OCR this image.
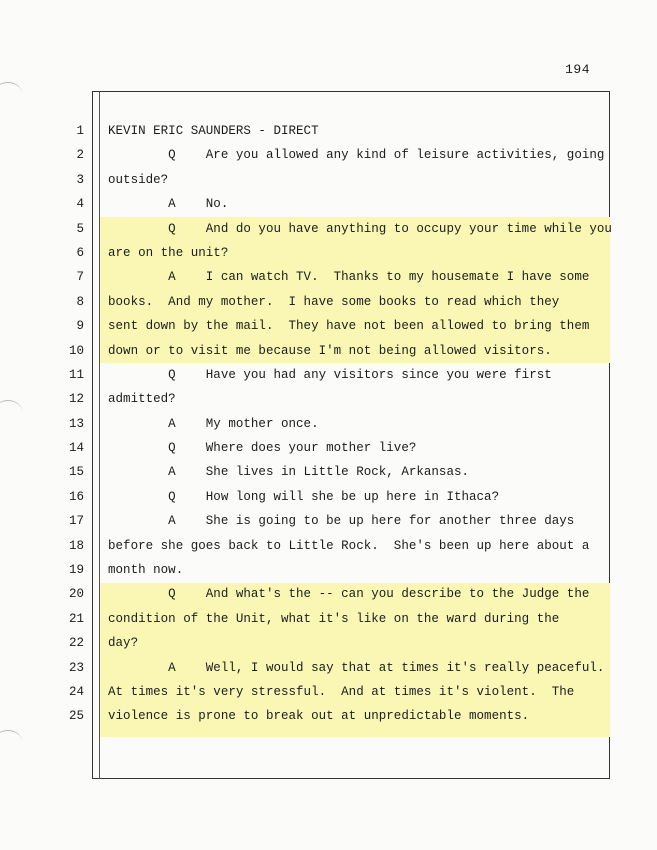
194
1
2
3
4
5
6
7
8
9
10
11
12
13
14
15
16
17
18
19
20
21
22
23
24
25
KEVIN ERIC SAUNDERS - DIRECT
Q    Are you allowed any kind of leisure activities, going
outside?
A    No.
Q    And do you have anything to occupy your time while you
are on the unit?
A    I can watch TV.  Thanks to my housemate I have some
books.  And my mother.  I have some books to read which they
sent down by the mail.  They have not been allowed to bring them
down or to visit me because I'm not being allowed visitors.
Q    Have you had any visitors since you were first
admitted?
A    My mother once.
Q    Where does your mother live?
A    She lives in Little Rock, Arkansas.
Q    How long will she be up here in Ithaca?
A    She is going to be up here for another three days
before she goes back to Little Rock.  She's been up here about a
month now.
Q    And what's the -- can you describe to the Judge the
condition of the Unit, what it's like on the ward during the
day?
A    Well, I would say that at times it's really peaceful.
At times it's very stressful.  And at times it's violent.  The
violence is prone to break out at unpredictable moments.
